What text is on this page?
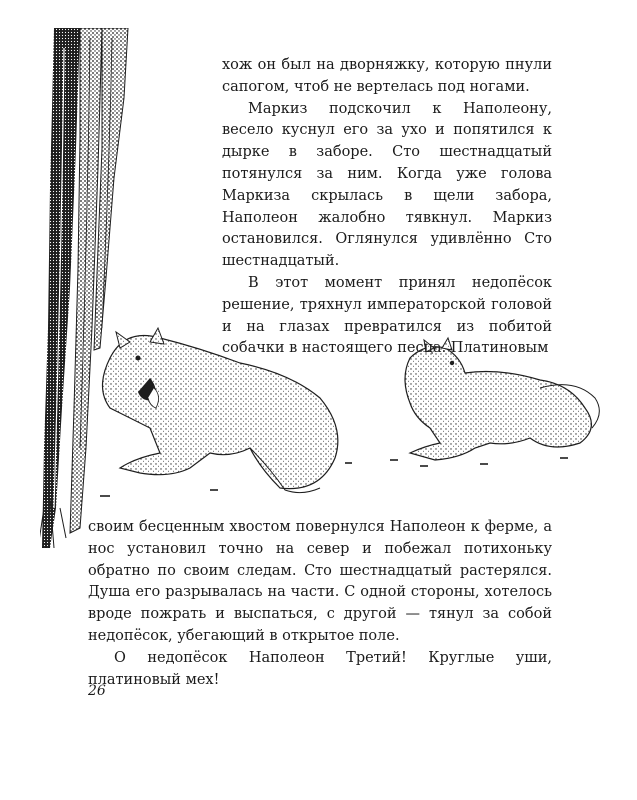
хож он был на дворняжку, которую пнули сапогом, чтоб не вертелась под ногами.

Маркиз подскочил к Наполеону, весело куснул его за ухо и попятился к дырке в заборе. Сто шестнадцатый потянулся за ним. Когда уже голова Маркиза скрылась в щели забора, Наполеон жалобно тявкнул. Маркиз остановился. Оглянулся удивлённо Сто шестнадцатый.

В этот момент принял недопёсок решение, тряхнул императорской головой и на глазах превратился из побитой собачки в настоящего песца. Платиновым

своим бесценным хвостом повернулся Наполеон к ферме, а нос установил точно на север и побежал потихоньку обратно по своим следам. Сто шестнадцатый растерялся. Душа его разрывалась на части. С одной стороны, хотелось вроде пожрать и выспаться, с другой — тянул за собой недопёсок, убегающий в открытое поле.

О недопёсок Наполеон Третий! Круглые уши, платиновый мех!

26
